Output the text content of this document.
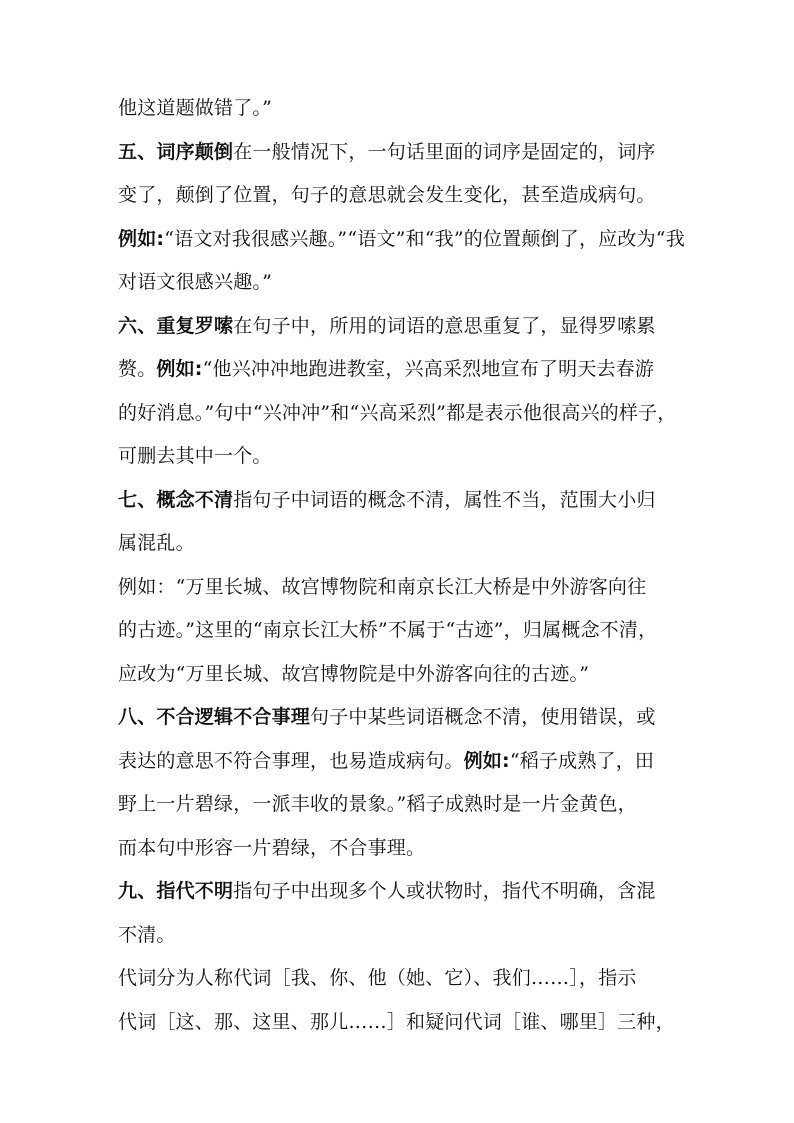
他这道题做错了。”
五、词序颠倒在一般情况下，一句话里面的词序是固定的，词序
变了，颠倒了位置，句子的意思就会发生变化，甚至造成病句。
例如:“语文对我很感兴趣。”“语文”和“我”的位置颠倒了，应改为“我
对语文很感兴趣。”
六、重复罗嗦在句子中，所用的词语的意思重复了，显得罗嗦累
赘。例如:“他兴冲冲地跑进教室，兴高采烈地宣布了明天去春游
的好消息。”句中“兴冲冲”和“兴高采烈”都是表示他很高兴的样子，
可删去其中一个。
七、概念不清指句子中词语的概念不清，属性不当，范围大小归
属混乱。
例如：“万里长城、故宫博物院和南京长江大桥是中外游客向往
的古迹。”这里的“南京长江大桥”不属于“古迹”，归属概念不清，
应改为“万里长城、故宫博物院是中外游客向往的古迹。”
八、不合逻辑不合事理句子中某些词语概念不清，使用错误，或
表达的意思不符合事理，也易造成病句。例如:“稻子成熟了，田
野上一片碧绿，一派丰收的景象。”稻子成熟时是一片金黄色，
而本句中形容一片碧绿，不合事理。
九、指代不明指句子中出现多个人或状物时，指代不明确，含混
不清。
代词分为人称代词［我、你、他（她、它）、我们……］，指示
代词［这、那、这里、那儿……］和疑问代词［谁、哪里］三种，
